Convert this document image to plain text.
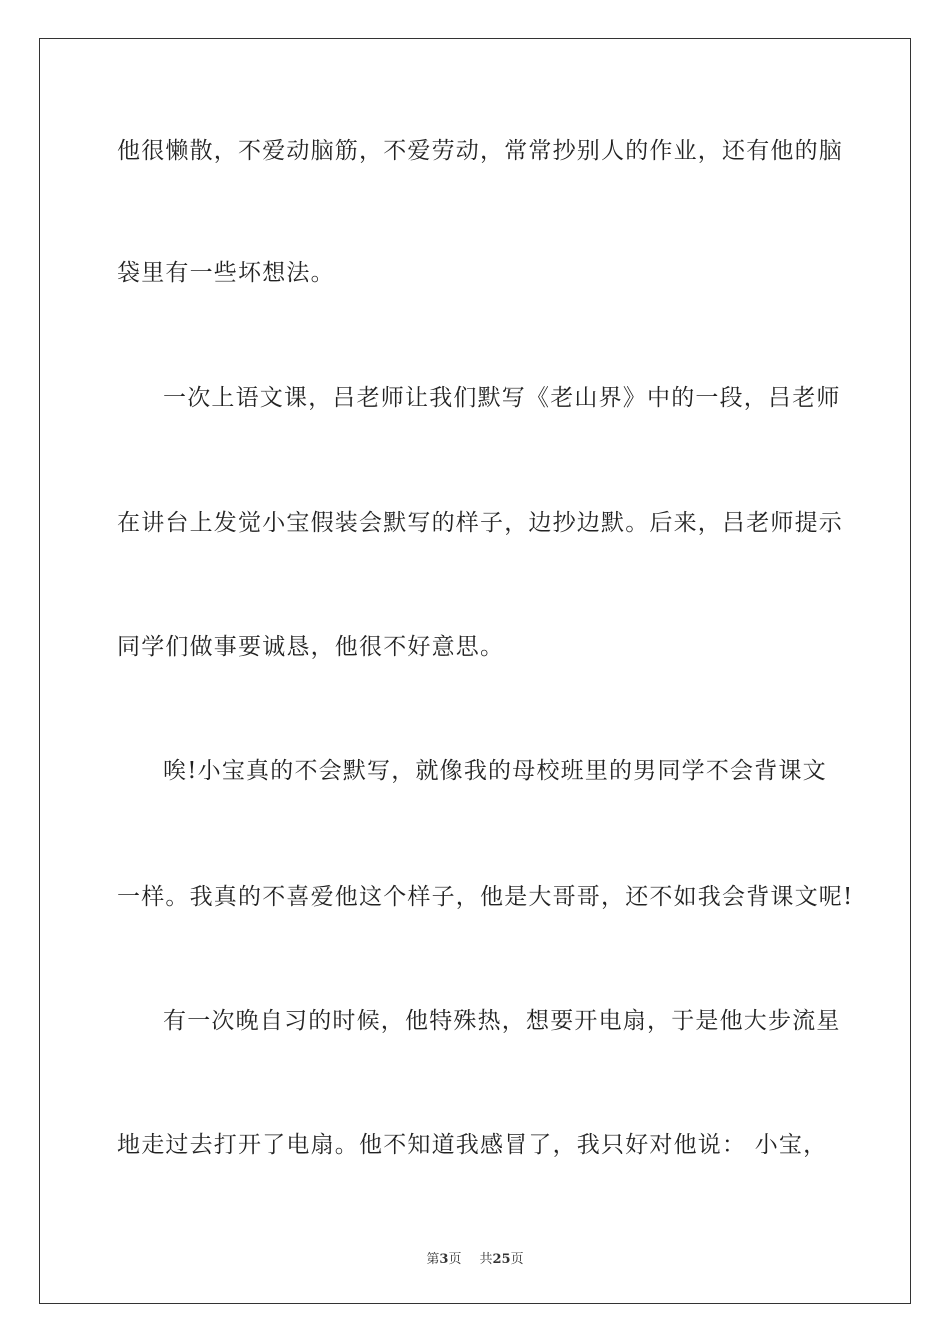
他很懒散，不爱动脑筋，不爱劳动，常常抄别人的作业，还有他的脑
袋里有一些坏想法。
一次上语文课，吕老师让我们默写《老山界》中的一段，吕老师
在讲台上发觉小宝假装会默写的样子，边抄边默。后来，吕老师提示
同学们做事要诚恳，他很不好意思。
唉!小宝真的不会默写，就像我的母校班里的男同学不会背课文
一样。我真的不喜爱他这个样子，他是大哥哥，还不如我会背课文呢!
有一次晚自习的时候，他特殊热，想要开电扇，于是他大步流星
地走过去打开了电扇。他不知道我感冒了，我只好对他说： 小宝，
第3页 共25页
